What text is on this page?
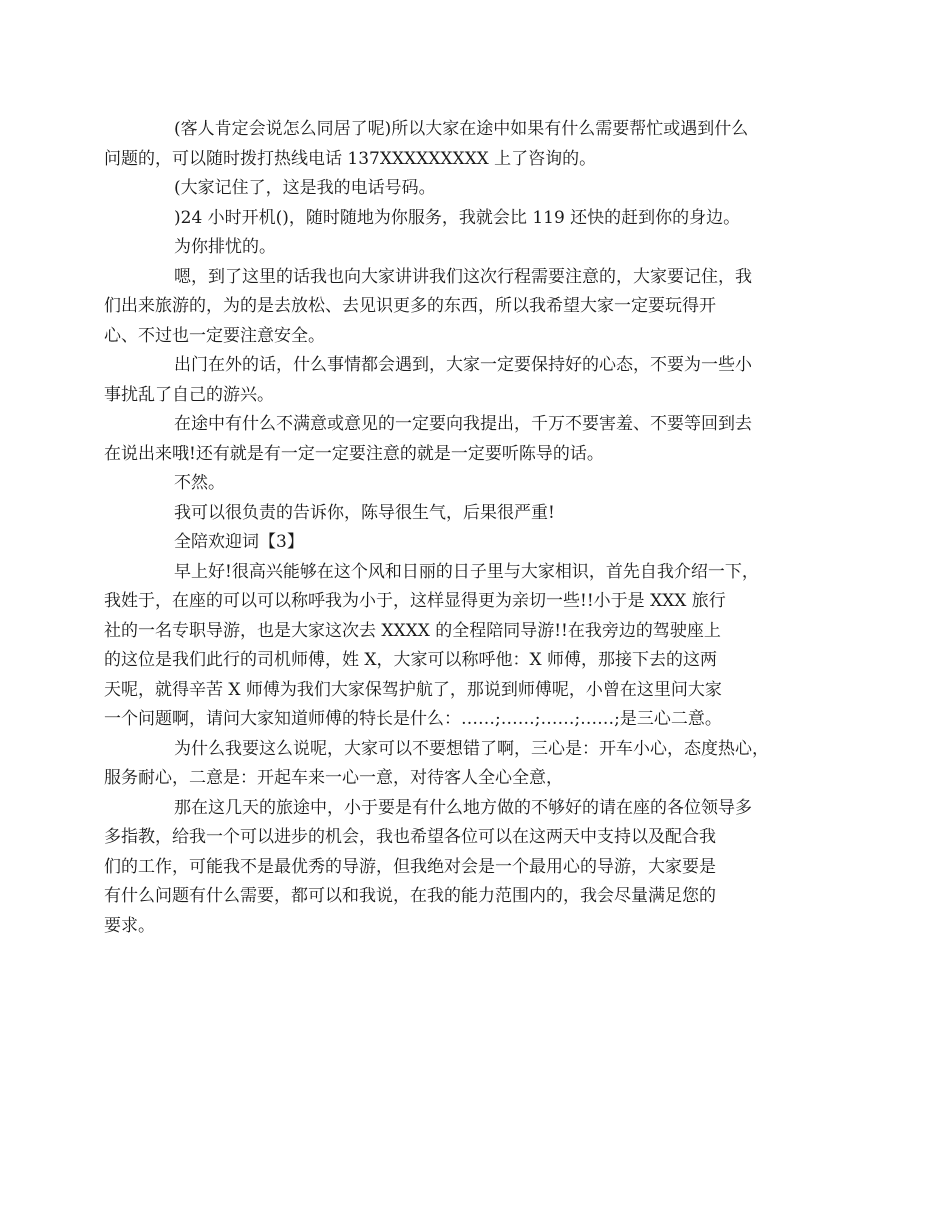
(客人肯定会说怎么同居了呢)所以大家在途中如果有什么需要帮忙或遇到什么
问题的，可以随时拨打热线电话 137XXXXXXXXX 上了咨询的。

(大家记住了，这是我的电话号码。

)24 小时开机()，随时随地为你服务，我就会比 119 还快的赶到你的身边。

为你排忧的。

嗯，到了这里的话我也向大家讲讲我们这次行程需要注意的，大家要记住，我
们出来旅游的，为的是去放松、去见识更多的东西，所以我希望大家一定要玩得开
心、不过也一定要注意安全。

出门在外的话，什么事情都会遇到，大家一定要保持好的心态，不要为一些小
事扰乱了自己的游兴。

在途中有什么不满意或意见的一定要向我提出，千万不要害羞、不要等回到去
在说出来哦!还有就是有一定一定要注意的就是一定要听陈导的话。

不然。

我可以很负责的告诉你，陈导很生气，后果很严重!

全陪欢迎词【3】

早上好!很高兴能够在这个风和日丽的日子里与大家相识，首先自我介绍一下，
我姓于，在座的可以可以称呼我为小于，这样显得更为亲切一些!!小于是 XXX 旅行
社的一名专职导游，也是大家这次去 XXXX 的全程陪同导游!!在我旁边的驾驶座上
的这位是我们此行的司机师傅，姓 X，大家可以称呼他：X 师傅，那接下去的这两
天呢，就得辛苦 X 师傅为我们大家保驾护航了，那说到师傅呢，小曾在这里问大家
一个问题啊，请问大家知道师傅的特长是什么：……;……;……;……;是三心二意。

为什么我要这么说呢，大家可以不要想错了啊，三心是：开车小心，态度热心，
服务耐心，二意是：开起车来一心一意，对待客人全心全意，

那在这几天的旅途中，小于要是有什么地方做的不够好的请在座的各位领导多
多指教，给我一个可以进步的机会，我也希望各位可以在这两天中支持以及配合我
们的工作，可能我不是最优秀的导游，但我绝对会是一个最用心的导游，大家要是
有什么问题有什么需要，都可以和我说，在我的能力范围内的，我会尽量满足您的
要求。
